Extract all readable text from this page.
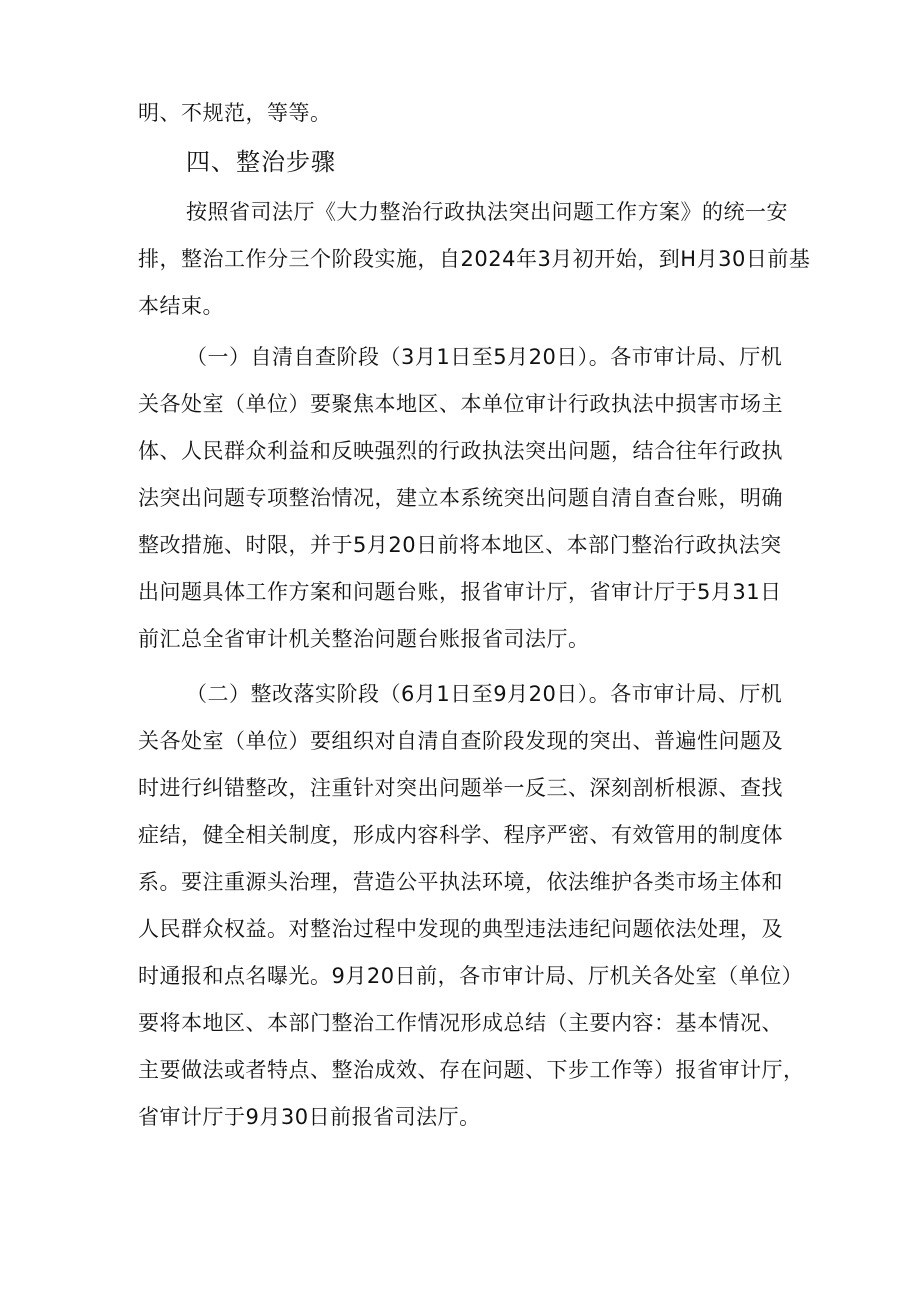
明、不规范，等等。
四、整治步骤
按照省司法厅《大力整治行政执法突出问题工作方案》的统一安
排，整治工作分三个阶段实施，自2024年3月初开始，到H月30日前基
本结束。
（一）自清自查阶段（3月1日至5月20日）。各市审计局、厅机
关各处室（单位）要聚焦本地区、本单位审计行政执法中损害市场主
体、人民群众利益和反映强烈的行政执法突出问题，结合往年行政执
法突出问题专项整治情况，建立本系统突出问题自清自查台账，明确
整改措施、时限，并于5月20日前将本地区、本部门整治行政执法突
出问题具体工作方案和问题台账，报省审计厅，省审计厅于5月31日
前汇总全省审计机关整治问题台账报省司法厅。
（二）整改落实阶段（6月1日至9月20日）。各市审计局、厅机
关各处室（单位）要组织对自清自查阶段发现的突出、普遍性问题及
时进行纠错整改，注重针对突出问题举一反三、深刻剖析根源、查找
症结，健全相关制度，形成内容科学、程序严密、有效管用的制度体
系。要注重源头治理，营造公平执法环境，依法维护各类市场主体和
人民群众权益。对整治过程中发现的典型违法违纪问题依法处理，及
时通报和点名曝光。9月20日前，各市审计局、厅机关各处室（单位）
要将本地区、本部门整治工作情况形成总结（主要内容：基本情况、
主要做法或者特点、整治成效、存在问题、下步工作等）报省审计厅，
省审计厅于9月30日前报省司法厅。
